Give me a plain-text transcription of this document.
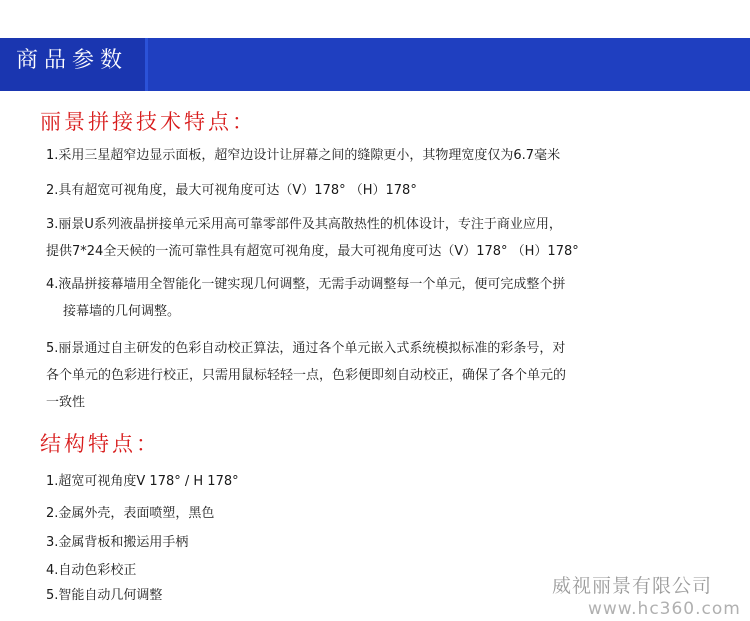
商品参数
丽景拼接技术特点：
1.采用三星超窄边显示面板，超窄边设计让屏幕之间的缝隙更小，其物理宽度仅为6.7毫米
2.具有超宽可视角度，最大可视角度可达（V）178° （H）178°
3.丽景U系列液晶拼接单元采用高可靠零部件及其高散热性的机体设计，专注于商业应用，
提供7*24全天候的一流可靠性具有超宽可视角度，最大可视角度可达（V）178° （H）178°
4.液晶拼接幕墙用全智能化一键实现几何调整，无需手动调整每一个单元，便可完成整个拼
接幕墙的几何调整。
5.丽景通过自主研发的色彩自动校正算法，通过各个单元嵌入式系统模拟标准的彩条号，对
各个单元的色彩进行校正，只需用鼠标轻轻一点，色彩便即刻自动校正，确保了各个单元的
一致性
结构特点：
1.超宽可视角度V 178° / H 178°
2.金属外壳，表面喷塑，黑色
3.金属背板和搬运用手柄
4.自动色彩校正
5.智能自动几何调整	威视丽景有限公司
www.hc360.com
